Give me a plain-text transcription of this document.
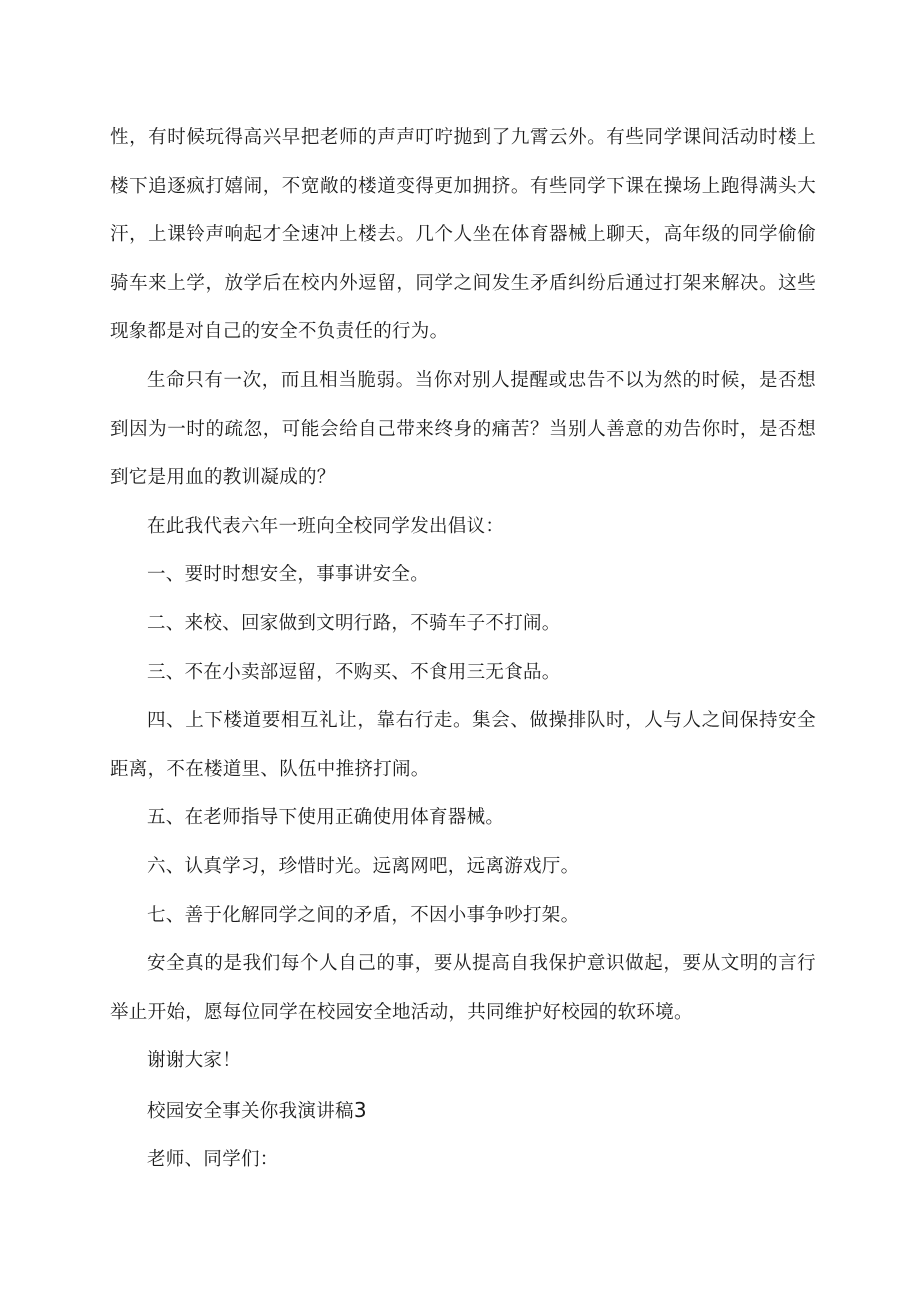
性，有时候玩得高兴早把老师的声声叮咛抛到了九霄云外。有些同学课间活动时楼上楼下追逐疯打嬉闹，不宽敞的楼道变得更加拥挤。有些同学下课在操场上跑得满头大汗，上课铃声响起才全速冲上楼去。几个人坐在体育器械上聊天，高年级的同学偷偷骑车来上学，放学后在校内外逗留，同学之间发生矛盾纠纷后通过打架来解决。这些现象都是对自己的安全不负责任的行为。

生命只有一次，而且相当脆弱。当你对别人提醒或忠告不以为然的时候，是否想到因为一时的疏忽，可能会给自己带来终身的痛苦？当别人善意的劝告你时，是否想到它是用血的教训凝成的？

在此我代表六年一班向全校同学发出倡议：

一、要时时想安全，事事讲安全。

二、来校、回家做到文明行路，不骑车子不打闹。

三、不在小卖部逗留，不购买、不食用三无食品。

四、上下楼道要相互礼让，靠右行走。集会、做操排队时，人与人之间保持安全距离，不在楼道里、队伍中推挤打闹。

五、在老师指导下使用正确使用体育器械。

六、认真学习，珍惜时光。远离网吧，远离游戏厅。

七、善于化解同学之间的矛盾，不因小事争吵打架。

安全真的是我们每个人自己的事，要从提高自我保护意识做起，要从文明的言行举止开始，愿每位同学在校园安全地活动，共同维护好校园的软环境。

谢谢大家！

校园安全事关你我演讲稿3

老师、同学们：
